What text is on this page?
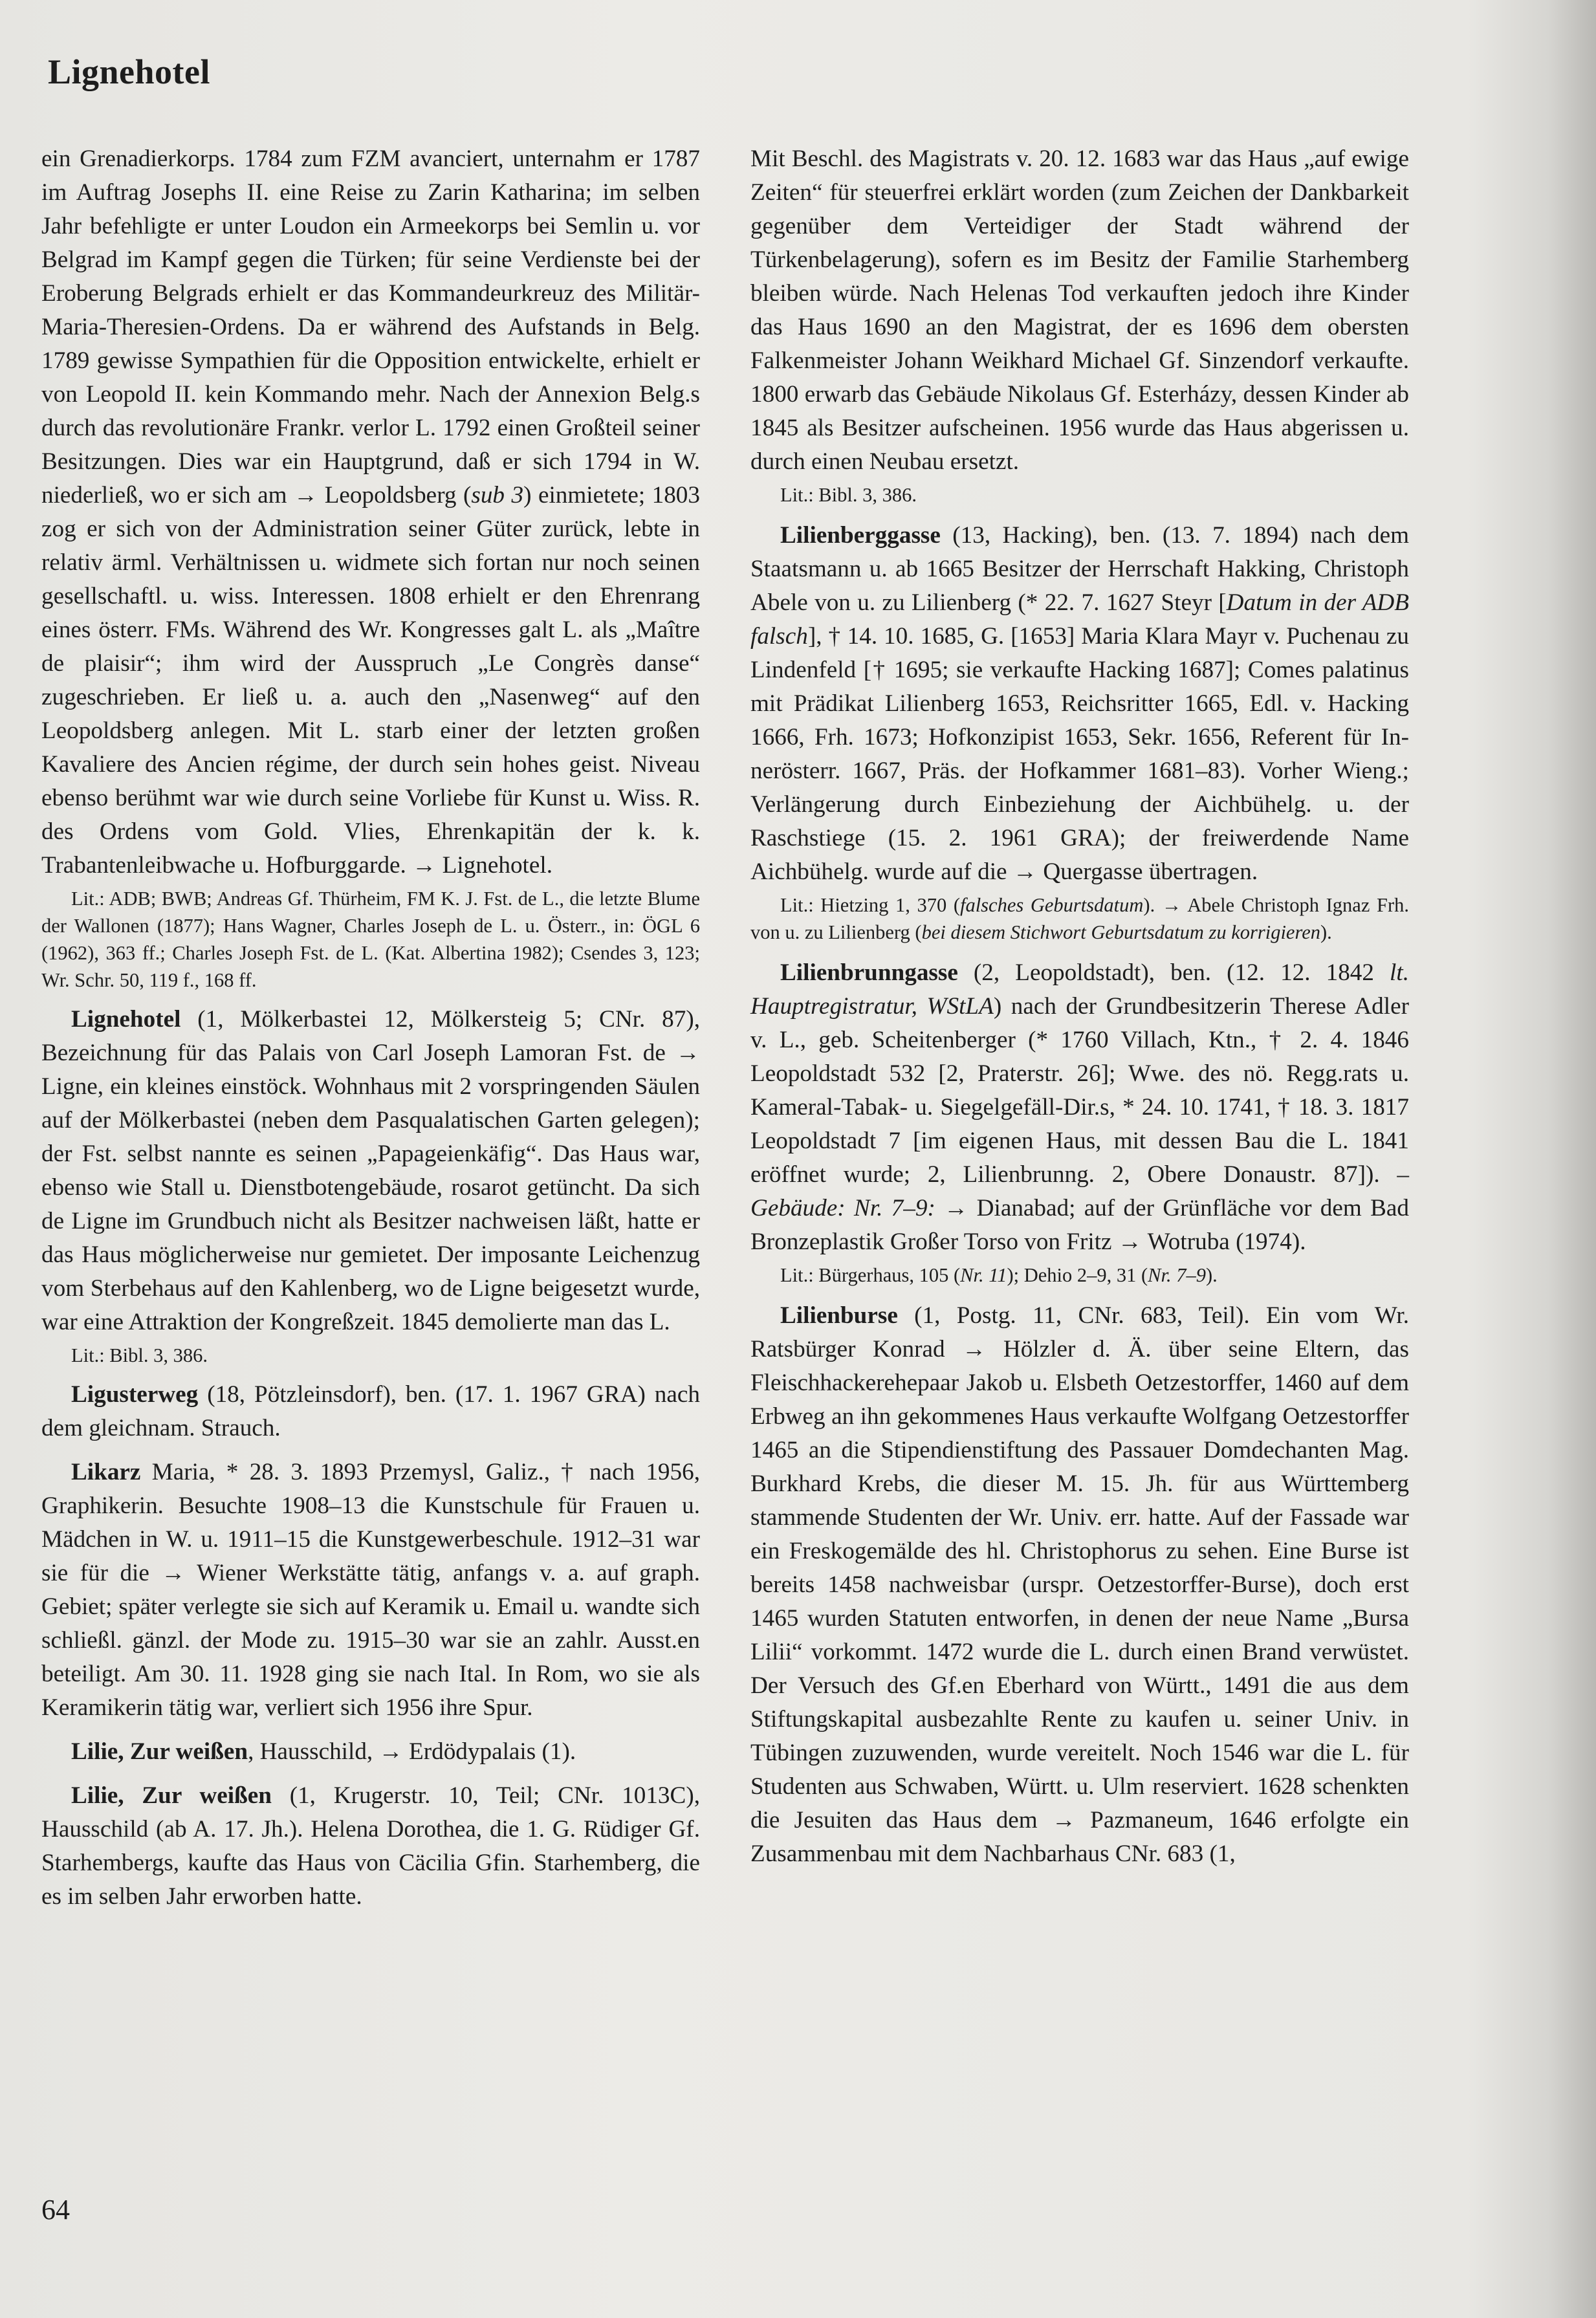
Lignehotel

ein Grenadierkorps. 1784 zum FZM avanciert, unternahm er 1787 im Auftrag Josephs II. eine Reise zu Zarin Katharina; im selben Jahr befehligte er unter Loudon ein Armeekorps bei Semlin u. vor Belgrad im Kampf gegen die Türken; für seine Verdienste bei der Eroberung Belgrads erhielt er das Kommandeurkreuz des Militär-Maria-Theresien-Ordens. Da er während des Aufstands in Belg. 1789 gewisse Sympathien für die Opposition entwickelte, erhielt er von Leopold II. kein Kommando mehr. Nach der Annexion Belg.s durch das revolutionäre Frankr. verlor L. 1792 einen Großteil seiner Besitzungen. Dies war ein Hauptgrund, daß er sich 1794 in W. niederließ, wo er sich am → Leopoldsberg (sub 3) einmietete; 1803 zog er sich von der Administration seiner Güter zurück, lebte in relativ ärml. Verhältnissen u. widmete sich fortan nur noch seinen gesellschaftl. u. wiss. Interessen. 1808 erhielt er den Ehrenrang eines österr. FMs. Während des Wr. Kongresses galt L. als „Maître de plaisir“; ihm wird der Ausspruch „Le Congrès danse“ zugeschrieben. Er ließ u. a. auch den „Nasenweg“ auf den Leopoldsberg anlegen. Mit L. starb einer der letzten großen Kavaliere des Ancien régime, der durch sein hohes geist. Niveau ebenso berühmt war wie durch seine Vorliebe für Kunst u. Wiss. R. des Ordens vom Gold. Vlies, Ehrenkapitän der k. k. Trabantenleibwache u. Hofburggarde. → Lignehotel.

Lit.: ADB; BWB; Andreas Gf. Thürheim, FM K. J. Fst. de L., die letzte Blume der Wallonen (1877); Hans Wagner, Charles Joseph de L. u. Österr., in: ÖGL 6 (1962), 363 ff.; Charles Joseph Fst. de L. (Kat. Albertina 1982); Csendes 3, 123; Wr. Schr. 50, 119 f., 168 ff.

Lignehotel (1, Mölkerbastei 12, Mölkersteig 5; CNr. 87), Bezeichnung für das Palais von Carl Joseph Lamoran Fst. de → Ligne, ein kleines einstöck. Wohnhaus mit 2 vorspringenden Säulen auf der Mölkerbastei (neben dem Pasqualatischen Garten gelegen); der Fst. selbst nannte es seinen „Papageienkäfig“. Das Haus war, ebenso wie Stall u. Dienstbotengebäude, rosarot getüncht. Da sich de Ligne im Grundbuch nicht als Besitzer nachweisen läßt, hatte er das Haus möglicherweise nur gemietet. Der imposante Leichenzug vom Sterbehaus auf den Kahlenberg, wo de Ligne beigesetzt wurde, war eine Attraktion der Kongreßzeit. 1845 demolierte man das L.

Lit.: Bibl. 3, 386.

Ligusterweg (18, Pötzleinsdorf), ben. (17. 1. 1967 GRA) nach dem gleichnam. Strauch.

Likarz Maria, * 28. 3. 1893 Przemysl, Galiz., † nach 1956, Graphikerin. Besuchte 1908–13 die Kunstschule für Frauen u. Mädchen in W. u. 1911–15 die Kunstgewerbeschule. 1912–31 war sie für die → Wiener Werkstätte tätig, anfangs v. a. auf graph. Gebiet; später verlegte sie sich auf Keramik u. Email u. wandte sich schließl. gänzl. der Mode zu. 1915–30 war sie an zahlr. Ausst.en beteiligt. Am 30. 11. 1928 ging sie nach Ital. In Rom, wo sie als Keramikerin tätig war, verliert sich 1956 ihre Spur.

Lilie, Zur weißen, Hausschild, → Erdödypalais (1).

Lilie, Zur weißen (1, Krugerstr. 10, Teil; CNr. 1013C), Hausschild (ab A. 17. Jh.). Helena Dorothea, die 1. G. Rüdiger Gf. Starhembergs, kaufte das Haus von Cäcilia Gfin. Starhemberg, die es im selben Jahr erworben hatte.

Mit Beschl. des Magistrats v. 20. 12. 1683 war das Haus „auf ewige Zeiten“ für steuerfrei erklärt worden (zum Zeichen der Dankbarkeit gegenüber dem Verteidiger der Stadt während der Türkenbelagerung), sofern es im Besitz der Familie Starhemberg bleiben würde. Nach Helenas Tod verkauften jedoch ihre Kinder das Haus 1690 an den Magistrat, der es 1696 dem obersten Falkenmeister Johann Weikhard Michael Gf. Sinzendorf verkaufte. 1800 erwarb das Gebäude Nikolaus Gf. Esterházy, dessen Kinder ab 1845 als Besitzer aufscheinen. 1956 wurde das Haus abgerissen u. durch einen Neubau ersetzt.

Lit.: Bibl. 3, 386.

Lilienberggasse (13, Hacking), ben. (13. 7. 1894) nach dem Staatsmann u. ab 1665 Besitzer der Herrschaft Hakking, Christoph Abele von u. zu Lilienberg (* 22. 7. 1627 Steyr [Datum in der ADB falsch], † 14. 10. 1685, G. [1653] Maria Klara Mayr v. Puchenau zu Lindenfeld [† 1695; sie verkaufte Hacking 1687]; Comes palatinus mit Prädikat Lilienberg 1653, Reichsritter 1665, Edl. v. Hacking 1666, Frh. 1673; Hofkonzipist 1653, Sekr. 1656, Referent für Innerösterr. 1667, Präs. der Hofkammer 1681–83). Vorher Wieng.; Verlängerung durch Einbeziehung der Aichbühelg. u. der Raschstiege (15. 2. 1961 GRA); der freiwerdende Name Aichbühelg. wurde auf die → Quergasse übertragen.

Lit.: Hietzing 1, 370 (falsches Geburtsdatum). → Abele Christoph Ignaz Frh. von u. zu Lilienberg (bei diesem Stichwort Geburtsdatum zu korrigieren).

Lilienbrunngasse (2, Leopoldstadt), ben. (12. 12. 1842 lt. Hauptregistratur, WStLA) nach der Grundbesitzerin Therese Adler v. L., geb. Scheitenberger (* 1760 Villach, Ktn., † 2. 4. 1846 Leopoldstadt 532 [2, Praterstr. 26]; Wwe. des nö. Regg.rats u. Kameral-Tabak- u. Siegelgefäll-Dir.s, * 24. 10. 1741, † 18. 3. 1817 Leopoldstadt 7 [im eigenen Haus, mit dessen Bau die L. 1841 eröffnet wurde; 2, Lilienbrunng. 2, Obere Donaustr. 87]). – Gebäude: Nr. 7–9: → Dianabad; auf der Grünfläche vor dem Bad Bronzeplastik Großer Torso von Fritz → Wotruba (1974).

Lit.: Bürgerhaus, 105 (Nr. 11); Dehio 2–9, 31 (Nr. 7–9).

Lilienburse (1, Postg. 11, CNr. 683, Teil). Ein vom Wr. Ratsbürger Konrad → Hölzler d. Ä. über seine Eltern, das Fleischhackerehepaar Jakob u. Elsbeth Oetzestorffer, 1460 auf dem Erbweg an ihn gekommenes Haus verkaufte Wolfgang Oetzestorffer 1465 an die Stipendienstiftung des Passauer Domdechanten Mag. Burkhard Krebs, die dieser M. 15. Jh. für aus Württemberg stammende Studenten der Wr. Univ. err. hatte. Auf der Fassade war ein Freskogemälde des hl. Christophorus zu sehen. Eine Burse ist bereits 1458 nachweisbar (urspr. Oetzestorffer-Burse), doch erst 1465 wurden Statuten entworfen, in denen der neue Name „Bursa Lilii“ vorkommt. 1472 wurde die L. durch einen Brand verwüstet. Der Versuch des Gf.en Eberhard von Württ., 1491 die aus dem Stiftungskapital ausbezahlte Rente zu kaufen u. seiner Univ. in Tübingen zuzuwenden, wurde vereitelt. Noch 1546 war die L. für Studenten aus Schwaben, Württ. u. Ulm reserviert. 1628 schenkten die Jesuiten das Haus dem → Pazmaneum, 1646 erfolgte ein Zusammenbau mit dem Nachbarhaus CNr. 683 (1,

64
